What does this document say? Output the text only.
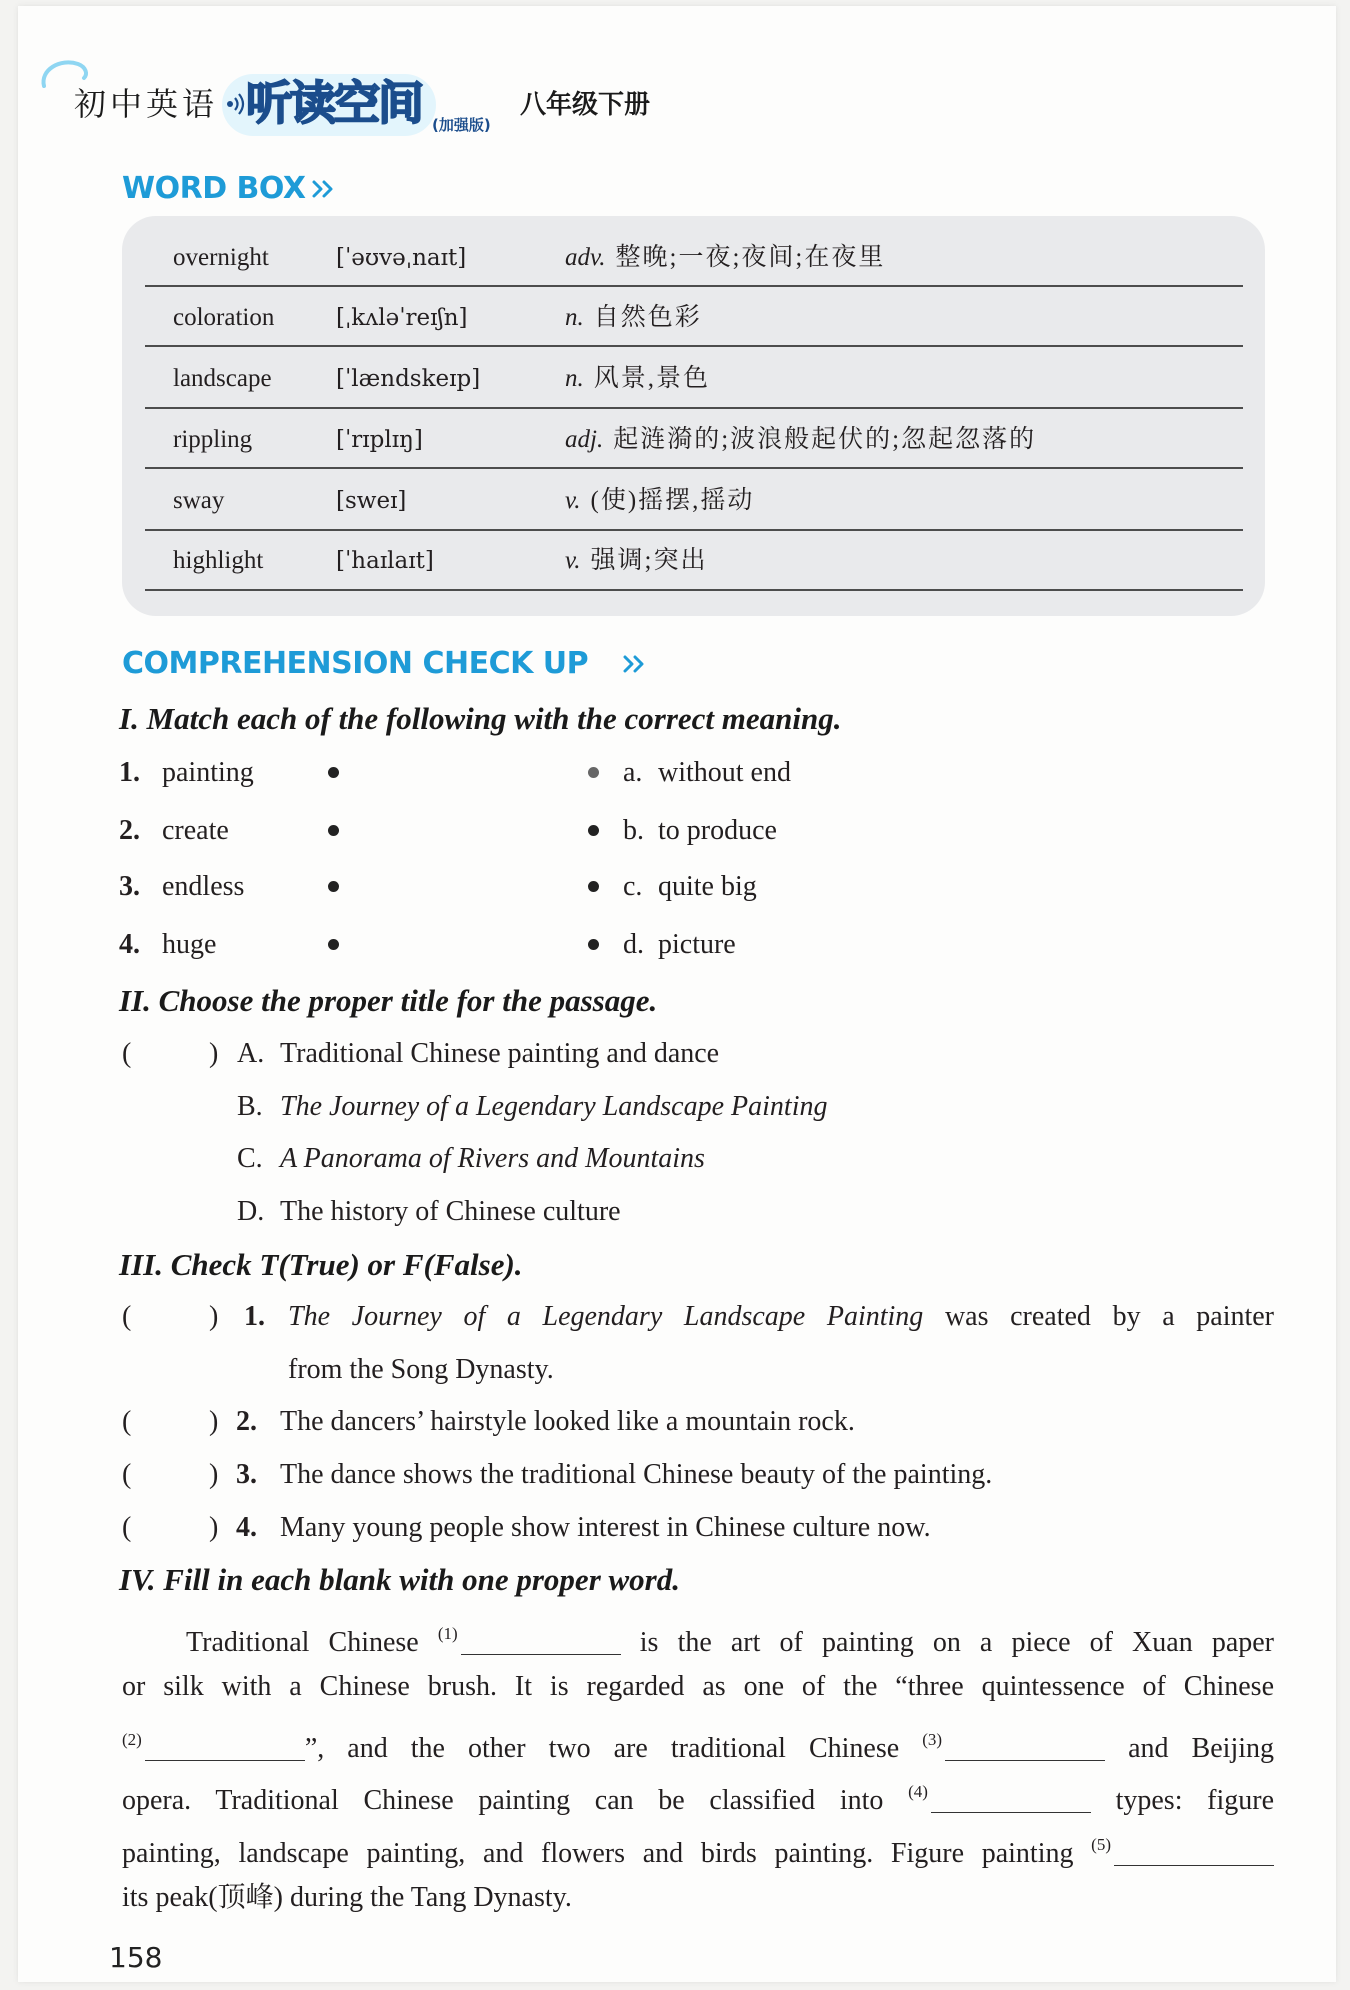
初中英语 听读空间 (加强版)
八年级下册
WORD BOX
overnight	[ˈəʊvəˌnaɪt]	adv. 整晚;一夜;夜间;在夜里
coloration	[ˌkʌləˈreɪʃn]	n. 自然色彩
landscape	[ˈlændskeɪp]	n. 风景,景色
rippling	[ˈrɪplɪŋ]	adj. 起涟漪的;波浪般起伏的;忽起忽落的
sway	[sweɪ]	v. (使)摇摆,摇动
highlight	[ˈhaɪlaɪt]	v. 强调;突出
COMPREHENSION CHECK UP
I. Match each of the following with the correct meaning.
1. painting	a. without end
2. create	b. to produce
3. endless	c. quite big
4. huge	d. picture
II. Choose the proper title for the passage.
(	) A. Traditional Chinese painting and dance
B. The Journey of a Legendary Landscape Painting
C. A Panorama of Rivers and Mountains
D. The history of Chinese culture
III. Check T(True) or F(False).
(	) 1. The Journey of a Legendary Landscape Painting was created by a painter
from the Song Dynasty.
(	) 2. The dancers’ hairstyle looked like a mountain rock.
(	) 3. The dance shows the traditional Chinese beauty of the painting.
(	) 4. Many young people show interest in Chinese culture now.
IV. Fill in each blank with one proper word.
Traditional Chinese $^{(1)}$	is the art of painting on a piece of Xuan paper
or silk with a Chinese brush. It is regarded as one of the “three quintessence of Chinese
$^{(2)}$	”, and the other two are traditional Chinese $^{(3)}$	and Beijing
opera. Traditional Chinese painting can be classified into $^{(4)}$	types: figure
painting, landscape painting, and flowers and birds painting. Figure painting $^{(5)}$
its peak(顶峰) during the Tang Dynasty.
158
